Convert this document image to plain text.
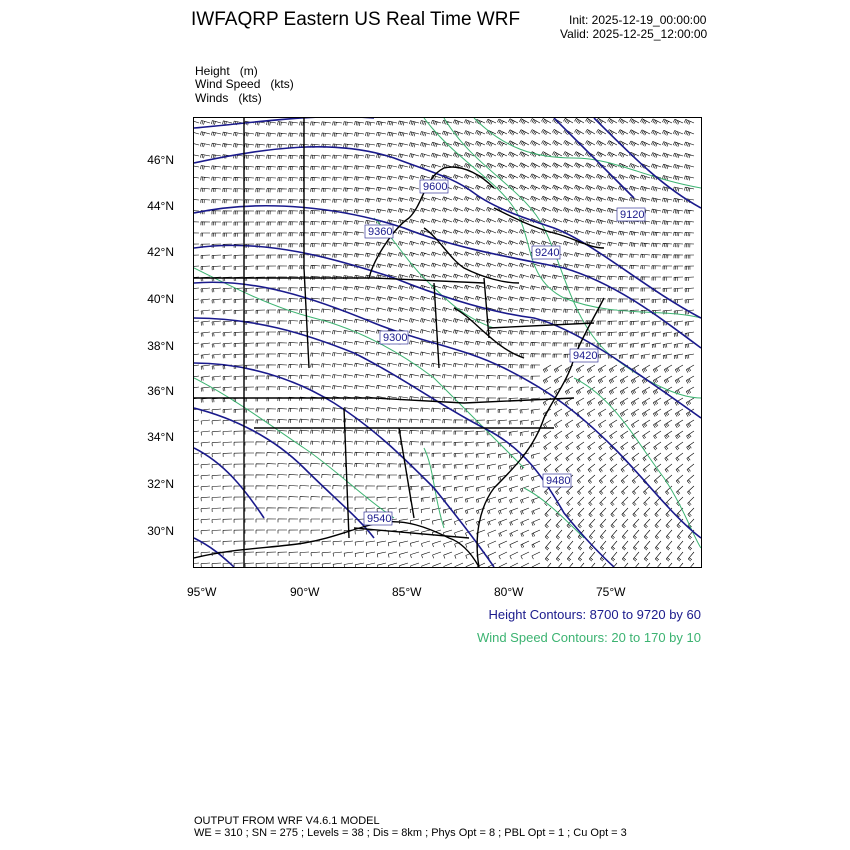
IWFAQRP Eastern US Real Time WRF	Init: 2025-12-19_00:00:00
Valid: 2025-12-25_12:00:00
Height (m)
Wind Speed (kts)
Winds (kts)
46°N
44°N
42°N
40°N
38°N
36°N
34°N
32°N
30°N
95°W	90°W	85°W	80°W	75°W
9360
9240
9300
9120
9540
9480
9600
9420
Height Contours: 8700 to 9720 by 60
Wind Speed Contours: 20 to 170 by 10
OUTPUT FROM WRF V4.6.1 MODEL
WE = 310 ; SN = 275 ; Levels = 38 ; Dis = 8km ; Phys Opt = 8 ; PBL Opt = 1 ; Cu Opt = 3
